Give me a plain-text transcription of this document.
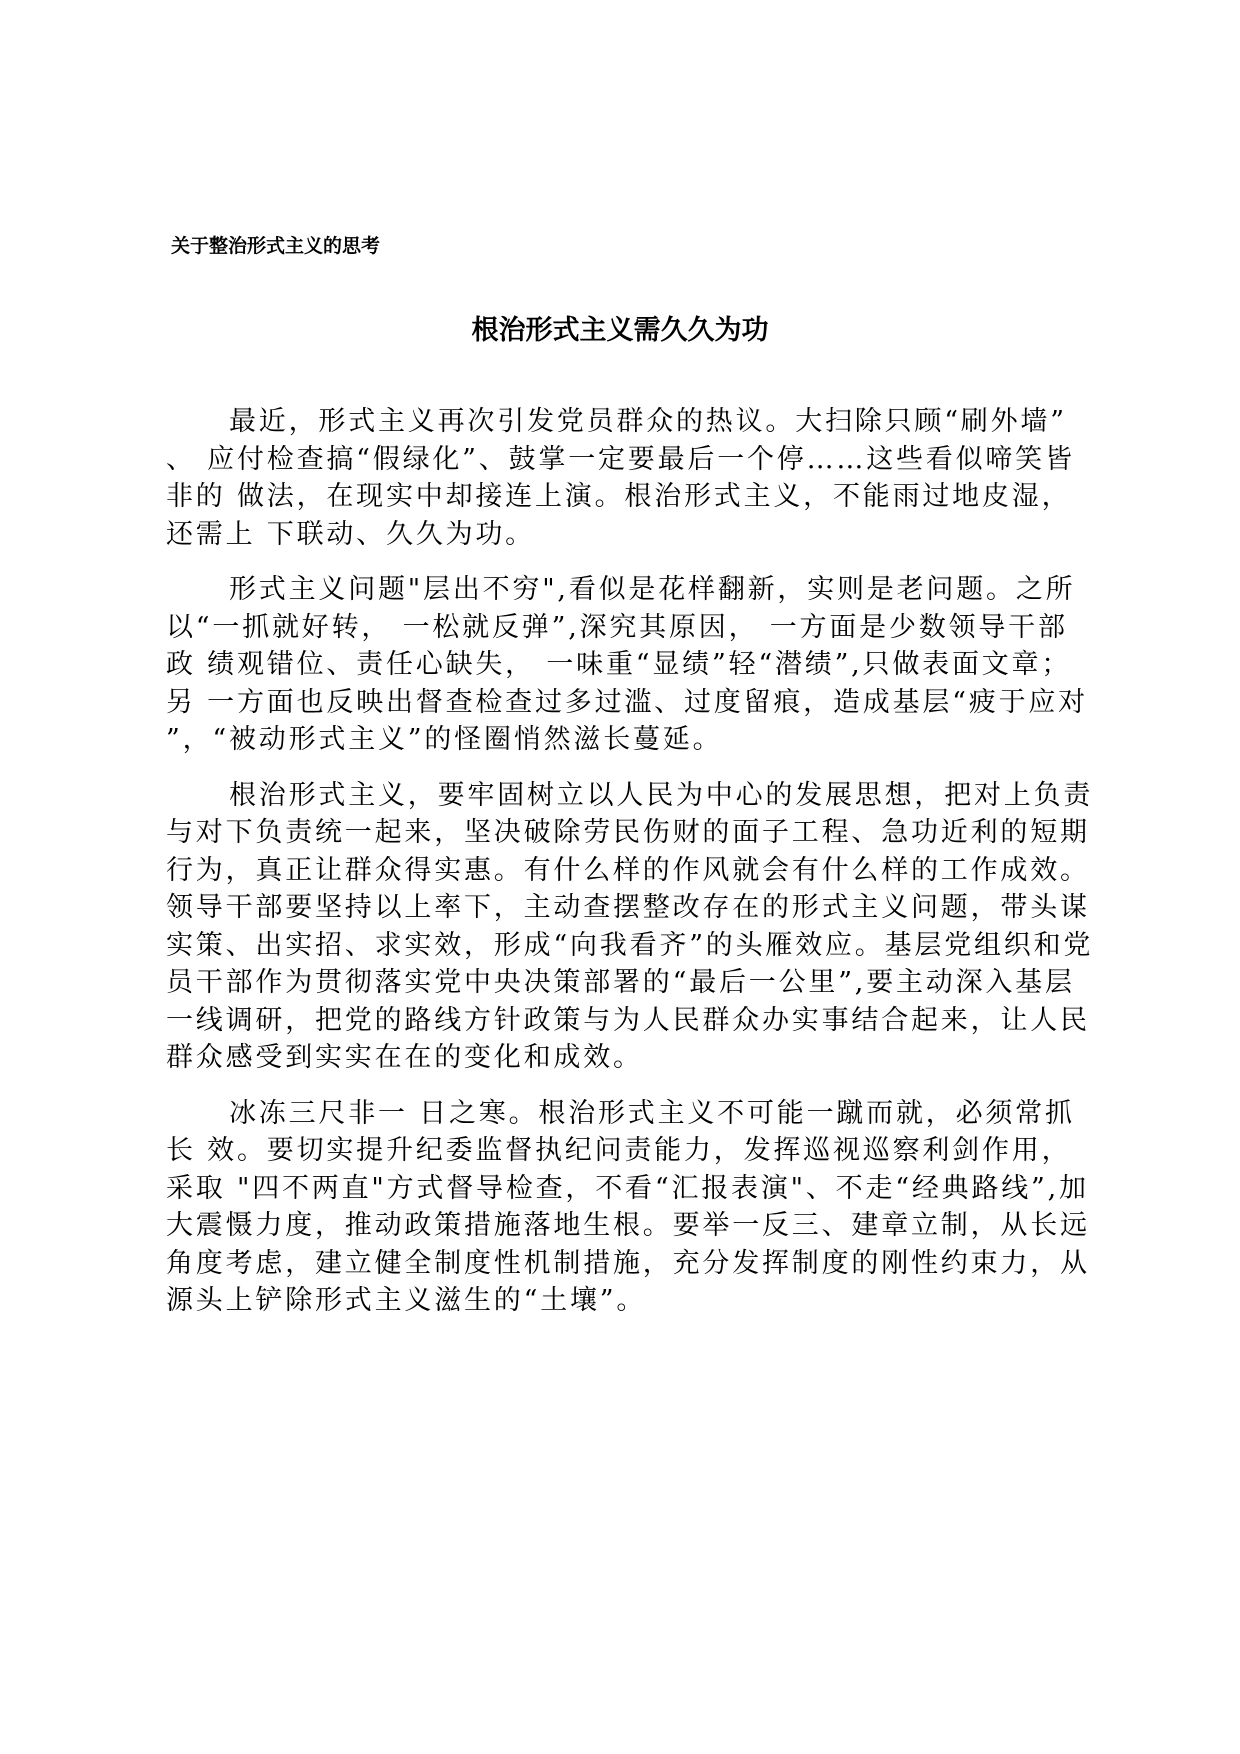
关于整治形式主义的思考
根治形式主义需久久为功

最近，形式主义再次引发党员群众的热议。大扫除只顾“刷外墙”、 应付检查搞“假绿化”、鼓掌一定要最后一个停……这些看似啼笑皆非的 做法，在现实中却接连上演。根治形式主义，不能雨过地皮湿，还需上 下联动、久久为功。

形式主义问题"层出不穷",看似是花样翻新，实则是老问题。之所以“一抓就好转， 一松就反弹”,深究其原因， 一方面是少数领导干部政 绩观错位、责任心缺失， 一味重“显绩”轻“潜绩”,只做表面文章；另 一方面也反映出督查检查过多过滥、过度留痕，造成基层“疲于应对”，“被动形式主义”的怪圈悄然滋长蔓延。

根治形式主义，要牢固树立以人民为中心的发展思想，把对上负责与对下负责统一起来，坚决破除劳民伤财的面子工程、急功近利的短期行为，真正让群众得实惠。有什么样的作风就会有什么样的工作成效。领导干部要坚持以上率下，主动查摆整改存在的形式主义问题，带头谋实策、出实招、求实效，形成“向我看齐”的头雁效应。基层党组织和党员干部作为贯彻落实党中央决策部署的“最后一公里”,要主动深入基层一线调研，把党的路线方针政策与为人民群众办实事结合起来，让人民群众感受到实实在在的变化和成效。

冰冻三尺非一 日之寒。根治形式主义不可能一蹴而就，必须常抓长 效。要切实提升纪委监督执纪问责能力，发挥巡视巡察利剑作用，采取 "四不两直"方式督导检查，不看“汇报表演"、不走“经典路线”,加 大震慑力度，推动政策措施落地生根。要举一反三、建章立制，从长远 角度考虑，建立健全制度性机制措施，充分发挥制度的刚性约束力，从 源头上铲除形式主义滋生的“土壤”。
